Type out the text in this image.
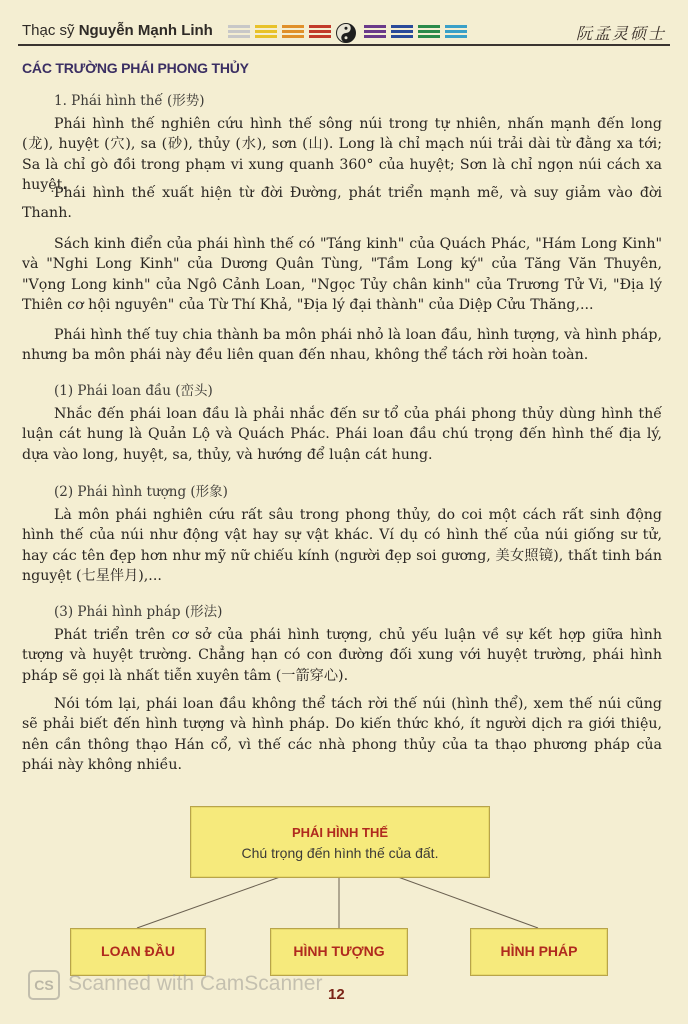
Thạc sỹ Nguyễn Mạnh Linh	阮孟灵硕士
CÁC TRƯỜNG PHÁI PHONG THỦY
1. Phái hình thế (形势)

Phái hình thế nghiên cứu hình thế sông núi trong tự nhiên, nhấn mạnh đến long (龙), huyệt (穴), sa (砂), thủy (水), sơn (山). Long là chỉ mạch núi trải dài từ đằng xa tới; Sa là chỉ gò đồi trong phạm vi xung quanh 360° của huyệt; Sơn là chỉ ngọn núi cách xa huyệt.

Phái hình thế xuất hiện từ đời Đường, phát triển mạnh mẽ, và suy giảm vào đời Thanh.

Sách kinh điển của phái hình thế có "Táng kinh" của Quách Phác, "Hám Long Kinh" và "Nghi Long Kinh" của Dương Quân Tùng, "Tầm Long ký" của Tăng Văn Thuyên, "Vọng Long kinh" của Ngô Cảnh Loan, "Ngọc Tủy chân kinh" của Trương Tử Vi, "Địa lý Thiên cơ hội nguyên" của Từ Thí Khả, "Địa lý đại thành" của Diệp Cửu Thăng,...

Phái hình thế tuy chia thành ba môn phái nhỏ là loan đầu, hình tượng, và hình pháp, nhưng ba môn phái này đều liên quan đến nhau, không thể tách rời hoàn toàn.

(1) Phái loan đầu (峦头)

Nhắc đến phái loan đầu là phải nhắc đến sư tổ của phái phong thủy dùng hình thế luận cát hung là Quản Lộ và Quách Phác. Phái loan đầu chú trọng đến hình thế địa lý, dựa vào long, huyệt, sa, thủy, và hướng để luận cát hung.

(2) Phái hình tượng (形象)

Là môn phái nghiên cứu rất sâu trong phong thủy, do coi một cách rất sinh động hình thế của núi như động vật hay sự vật khác. Ví dụ có hình thế của núi giống sư tử, hay các tên đẹp hơn như mỹ nữ chiếu kính (người đẹp soi gương, 美女照镜), thất tinh bán nguyệt (七星伴月),...

(3) Phái hình pháp (形法)

Phát triển trên cơ sở của phái hình tượng, chủ yếu luận về sự kết hợp giữa hình tượng và huyệt trường. Chẳng hạn có con đường đối xung với huyệt trường, phái hình pháp sẽ gọi là nhất tiễn xuyên tâm (一箭穿心).

Nói tóm lại, phái loan đầu không thể tách rời thế núi (hình thể), xem thế núi cũng sẽ phải biết đến hình tượng và hình pháp. Do kiến thức khó, ít người dịch ra giới thiệu, nên cần thông thạo Hán cổ, vì thế các nhà phong thủy của ta thạo phương pháp của phái này không nhiều.

PHÁI HÌNH THẾ
Chú trọng đến hình thế của đất.
LOAN ĐẦU	HÌNH TƯỢNG	HÌNH PHÁP
CS Scanned with CamScanner 12
